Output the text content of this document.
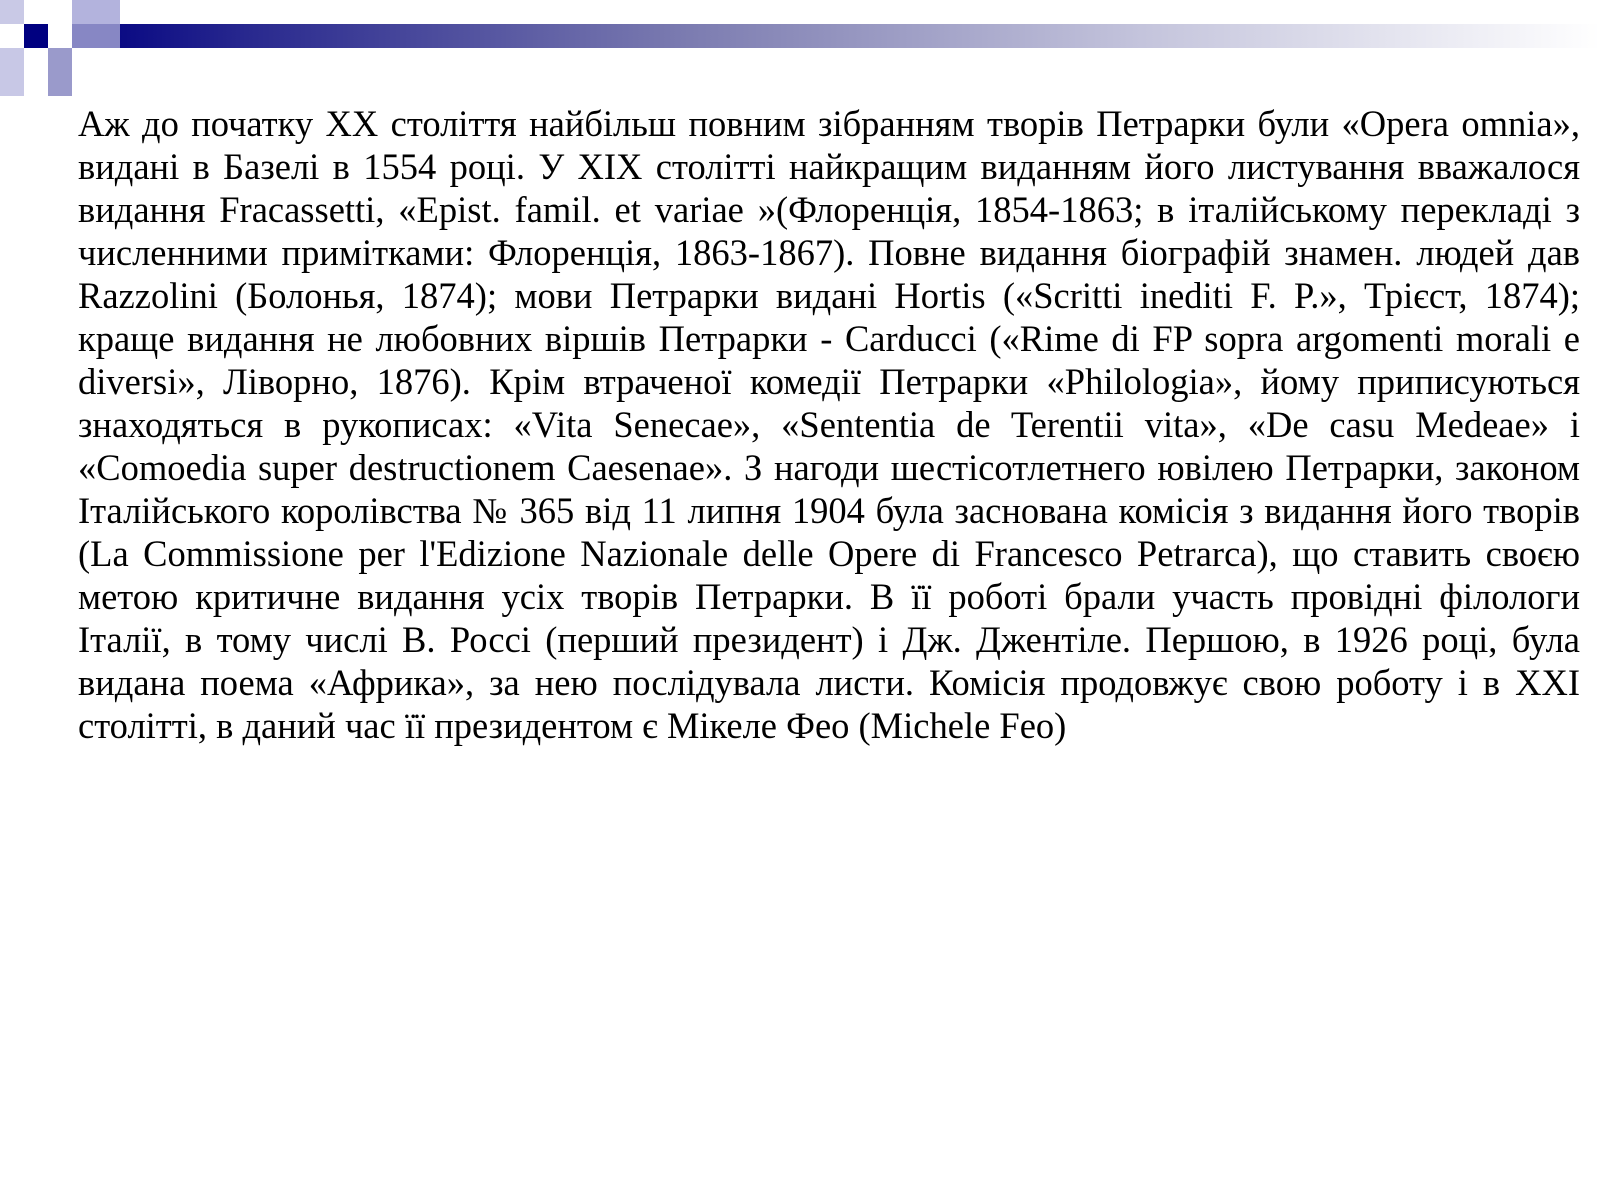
Аж до початку XX століття найбільш повним зібранням творів Петрарки були «Opera omnia», видані в Базелі в 1554 році. У XIX столітті найкращим виданням його листування вважалося видання Fracassetti, «Epist. famil. et variae »(Флоренція, 1854-1863; в італійському перекладі з численними примітками: Флоренція, 1863-1867). Повне видання біографій знамен. людей дав Razzolini (Болонья, 1874); мови Петрарки видані Hortis («Scritti inediti F. P.», Трієст, 1874); краще видання не любовних віршів Петрарки - Carducci («Rime di FP sopra argomenti morali e diversi», Ліворно, 1876). Крім втраченої комедії Петрарки «Philologia», йому приписуються знаходяться в рукописах: «Vita Senecae», «Sententia de Terentii vita», «De casu Medeae» і «Comoedia super destructionem Caesenae». З нагоди шестісотлетнего ювілею Петрарки, законом Італійського королівства № 365 від 11 липня 1904 була заснована комісія з видання його творів (La Commissione per l'Edizione Nazionale delle Opere di Francesco Petrarca), що ставить своєю метою критичне видання усіх творів Петрарки. В її роботі брали участь провідні філологи Італії, в тому числі В. Россі (перший президент) і Дж. Джентіле. Першою, в 1926 році, була видана поема «Африка», за нею послідувала листи. Комісія продовжує свою роботу і в XXI столітті, в даний час її президентом є Мікеле Фео (Michele Feo)
